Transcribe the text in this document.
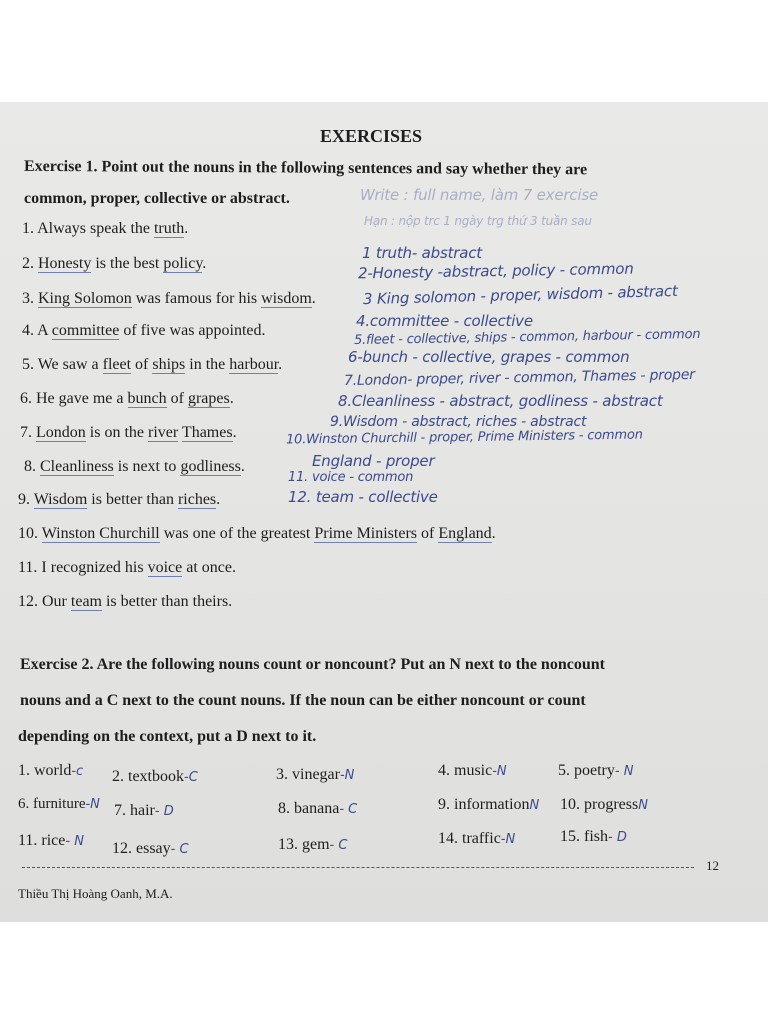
EXERCISES
Exercise 1. Point out the nouns in the following sentences and say whether they are
common, proper, collective or abstract.	Write : full name, làm 7 exercise
Hạn : nộp trc 1 ngày trg thứ 3 tuần sau
1. Always speak the truth.
2. Honesty is the best policy.
3. King Solomon was famous for his wisdom.
4. A committee of five was appointed.
5. We saw a fleet of ships in the harbour.
6. He gave me a bunch of grapes.
7. London is on the river Thames.
8. Cleanliness is next to godliness.
9. Wisdom is better than riches.
10. Winston Churchill was one of the greatest Prime Ministers of England.
11. I recognized his voice at once.
12. Our team is better than theirs.
1 truth- abstract
2-Honesty -abstract, policy - common
3 King solomon - proper, wisdom - abstract
4.committee - collective
5.fleet - collective, ships - common, harbour - common
6-bunch - collective, grapes - common
7.London- proper, river - common, Thames - proper
8.Cleanliness - abstract, godliness - abstract
9.Wisdom - abstract, riches - abstract
10.Winston Churchill - proper, Prime Ministers - common
England - proper
11. voice - common
12. team - collective
Exercise 2. Are the following nouns count or noncount? Put an N next to the noncount
nouns and a C next to the count nouns. If the noun can be either noncount or count
depending on the context, put a D next to it.
1. world-c 2. textbook-C	3. vinegar-N	4. music-N	5. poetry- N
6. furniture-N 7. hair- D	8. banana- C	9. informationN 10. progressN
11. rice- N 12. essay- C	13. gem- C	14. traffic-N	15. fish- D
12
Thiều Thị Hoàng Oanh, M.A.
